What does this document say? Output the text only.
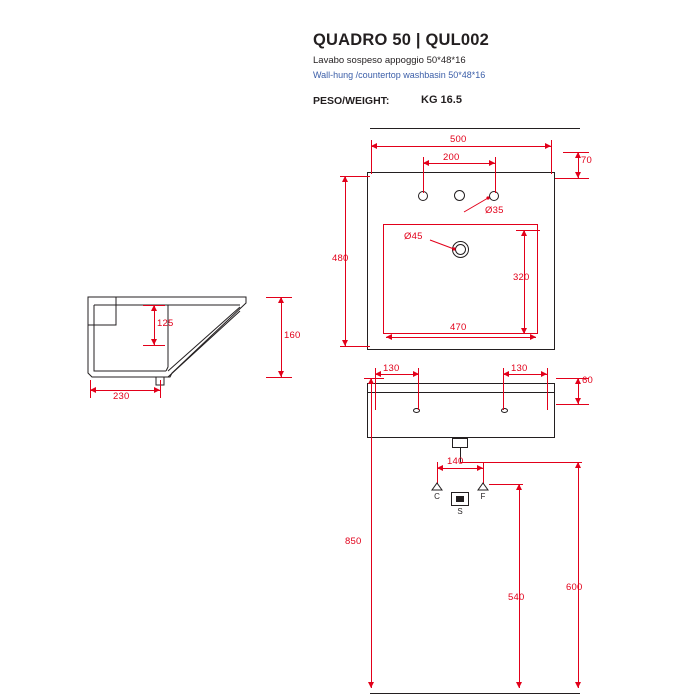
QUADRO 50 | QUL002
Lavabo sospeso appoggio 50*48*16
Wall-hung /countertop washbasin 50*48*16
PESO/WEIGHT:	KG 16.5
125
160
230
Ø35
Ø45
500
200	70
480
320
470
130	130
60
140
C	F
S
850
540
600
